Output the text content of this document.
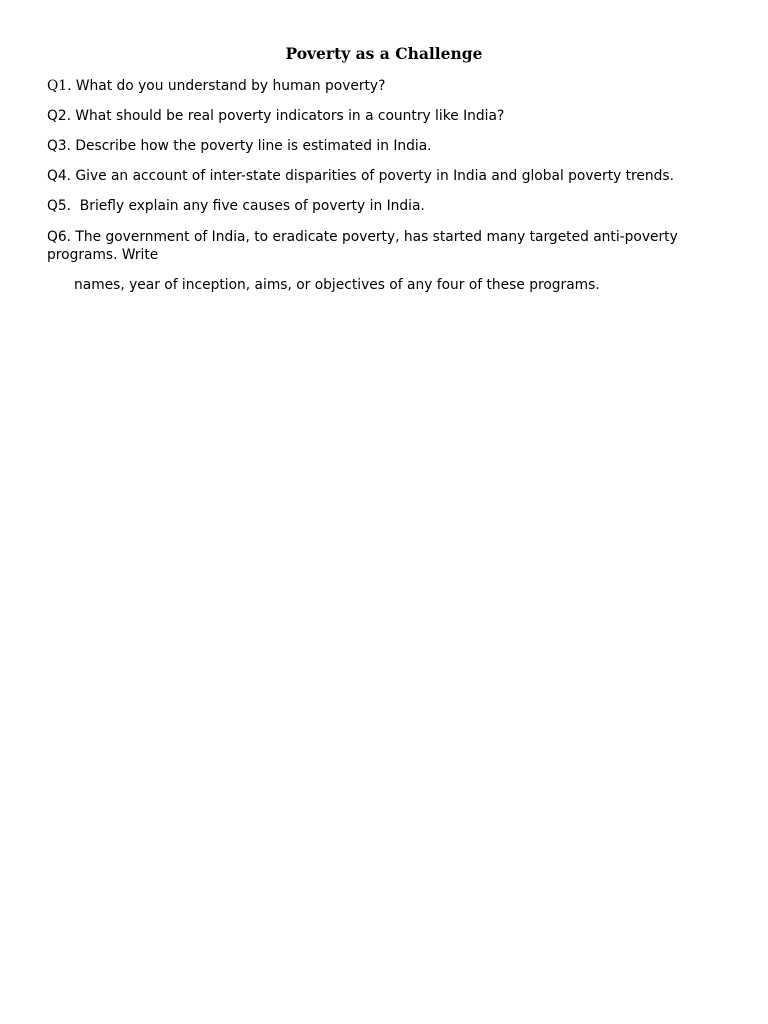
Poverty as a Challenge

Q1. What do you understand by human poverty?

Q2. What should be real poverty indicators in a country like India?

Q3. Describe how the poverty line is estimated in India.

Q4. Give an account of inter-state disparities of poverty in India and global poverty trends.

Q5.  Briefly explain any five causes of poverty in India.

Q6. The government of India, to eradicate poverty, has started many targeted anti-poverty programs. Write

names, year of inception, aims, or objectives of any four of these programs.
